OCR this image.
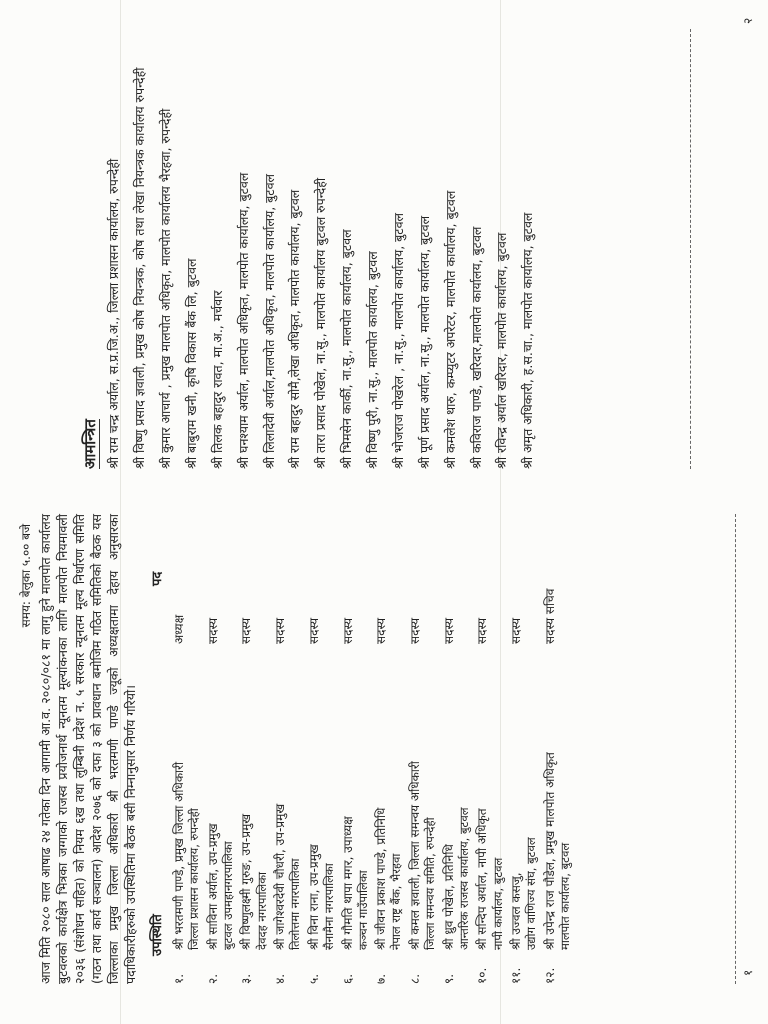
समय: बेलुका ५.०० बजे आज मिति २०८० साल आषाढ २४ गतेका दिन आगामी आ.व. २०८०/०८१ मा लागु हुने मालपोत कार्यालय बुटवलको कार्यक्षेत्र भित्रका जग्गाको राजस्व प्रयोजनार्थ न्यूनतम मूल्यांकनका लागि मालपोत नियमावली २०३६ (संशोधन सहित) को नियम ६ख तथा लुम्बिनी प्रदेश न. ५ सरकार न्यूनतम मूल्य निर्धारण समिति (गठन तथा कार्य सञ्चालन) आदेश २०७६ को दफा ३ को प्रावधान बमोजिम गठित समितिको बैठक यस जिल्लाका प्रमुख जिल्ला अधिकारी श्री भरतमणी पाण्डे ज्यूको अध्यक्षतामा देहाय अनुसारका पदाधिकारीहरुको उपस्थितिमा बैठक बसी निम्नानुसार निर्णय गरियो। उपस्थिति
पद
१.
श्री भरतमणी पाण्डे, प्रमुख जिल्ला अधिकारी जिल्ला प्रशासन कार्यालय, रुपन्देही
अध्यक्ष
२.
श्री साविना अर्याल, उप-प्रमुख बुटवल उपमहानगरपालिका
सदस्य
३.
श्री विष्णुलक्ष्मी गुरुङ, उप-प्रमुख देवदह नगरपालिका
सदस्य
४.
श्री जागेश्वरदेवी चौधरी, उप-प्रमुख तिलोत्तमा नगरपालिका
सदस्य
५.
श्री विना राना, उप-प्रमुख सैनामैना नगरपालिका
सदस्य
६.
श्री गौमति थापा मगर, उपाध्यक्ष कञ्चन गाउँपालिका
सदस्य
७.
श्री जीवन प्रकाश पाण्डे, प्रतिनिधि नेपाल राष्ट्र बैंक, भैरहवा
सदस्य
८.
श्री कमल ज्ञवाली, जिल्ला समन्वय अधिकारी जिल्ला समन्वय समिति, रुपन्देही
सदस्य
९.
श्री ध्रुव पोखेल, प्रतिनिधि आन्तरिक राजस्व कार्यालय, बुटवल
सदस्य
१०.
श्री सन्दिप अर्याल, नापी अधिकृत नापी कार्यालय, बुटवल
सदस्य
११.
श्री उज्वल कसजु, उद्योग वाणिज्य संघ, बुटवल
सदस्य
१२.
श्री उपेन्द्र राज पौडेल, प्रमुख मालपोत अधिकृत मालपोत कार्यालय, बुटवल
सदस्य सचिव
आमन्त्रित श्री राम चन्द्र अर्याल, स.प्र.जि.अ., जिल्ला प्रशासन कार्यालय, रुपन्देही श्री विष्णु प्रसाद ज्ञवाली, प्रमुख कोष नियन्त्रक, कोष तथा लेखा नियन्त्रक कार्यालय रुपन्देही श्री कुमार आचार्य , प्रमुख मालपोत अधिकृत, मालपोत कार्यालय भैरहवा, रुपन्देही श्री बाबुराम खनी, कृषि विकास बैंक लि, बुटवल श्री तिलक बहादुर रावत, मा.अ., मर्चवार श्री घनश्याम अर्याल, मालपोत अधिकृत, मालपोत कार्यालय, बुटवल श्री लिलादेवी अर्याल,मालपोत अधिकृत, मालपोत कार्यालय, बुटवल श्री राम बहादुर सोमै,लेखा अधिकृत, मालपोत कार्यालय, बुटवल श्री तारा प्रसाद पोखेल, ना.सु., मालपोत कार्यालय बुटवल रुपन्देही श्री भिमसेन कार्की, ना.सु., मालपोत कार्यालय, बुटवल श्री विष्णु पुरी, ना.सु., मालपोत कार्यालय, बुटवल श्री भोजराज पोखरेल , ना.सु., मालपोत कार्यालय, बुटवल श्री पूर्ण प्रसाद अर्याल, ना.सु., मालपोत कार्यालय, बुटवल श्री कमलेश थारु, कम्प्युटर अपरेटर, मालपोत कार्यालय, बुटवल श्री कविराज पाण्डे, खरिदार,मालपोत कार्यालय, बुटवल श्री रविन्द्र अर्याल खरिदार, मालपोत कार्यालय, बुटवल श्री अमृत अधिकारी, ह.स.चा., मालपोत कार्यालय, बुटवल
१
२
